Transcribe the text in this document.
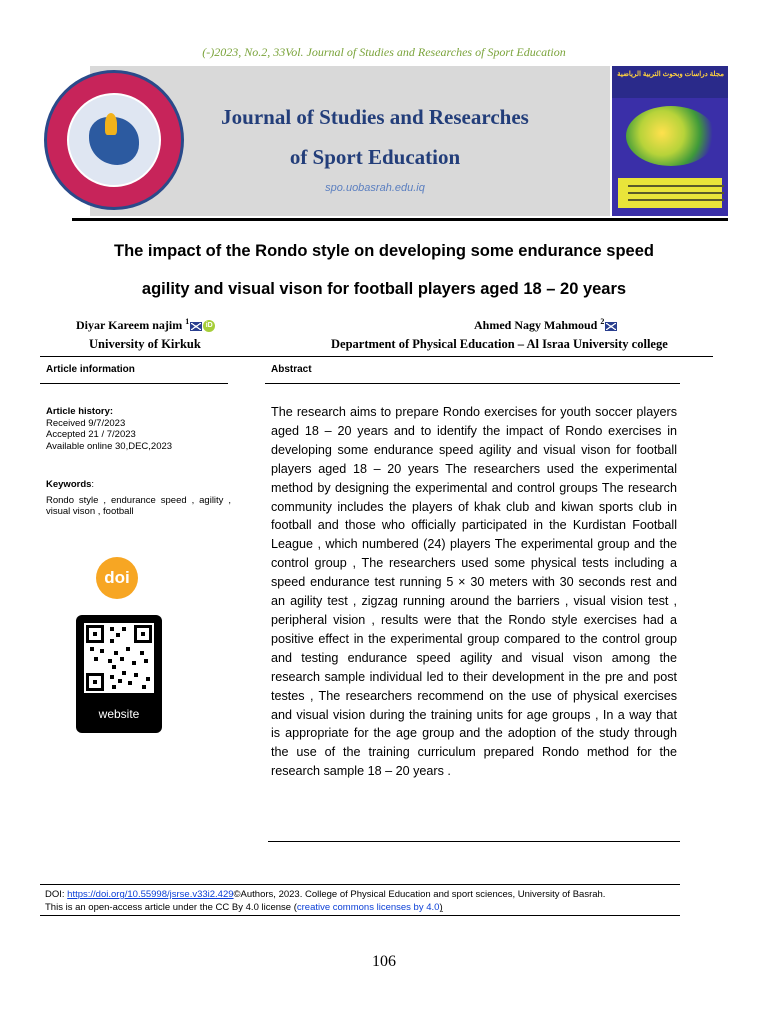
(-)2023, No.2, 33Vol. Journal of Studies and Researches of Sport Education
Journal of Studies and Researches
of Sport Education
spo.uobasrah.edu.iq
مجلة دراسات وبحوث التربية الرياضية
The impact of the Rondo style on developing some endurance speed
agility and visual vison for football players aged 18 – 20 years
Diyar Kareem najim $^1$ iD
University of Kirkuk
Ahmed Nagy Mahmoud $^2$
Department of Physical Education – Al Israa University college
Article information
Article history:
Received 9/7/2023
Accepted 21 / 7/2023
Available online 30,DEC,2023
Keywords:
Rondo style , endurance speed , agility , visual vison , football
doi
website
Abstract
The research aims to prepare Rondo exercises for youth soccer players aged 18 – 20 years and to identify the impact of Rondo exercises in developing some endurance speed agility and visual vison for football players aged 18 – 20 years The researchers used the experimental method by designing the experimental and control groups The research community includes the players of khak club and kiwan sports club in football and those who officially participated in the Kurdistan Football League , which numbered (24) players The experimental group and the control group , The researchers used some physical tests including a speed endurance test running 5 × 30 meters with 30 seconds rest and an agility test , zigzag running around the barriers , visual vision test , peripheral vision , results were that the Rondo style exercises had a positive effect in the experimental group compared to the control group and testing endurance speed agility and visual vison among the research sample individual led to their development in the pre and post testes , The researchers recommend on the use of physical exercises and visual vision during the training units for age groups , In a way that is appropriate for the age group and the adoption of the study through the use of the training curriculum prepared Rondo method for the research sample 18 – 20 years .
DOI: https://doi.org/10.55998/jsrse.v33i2.429©Authors, 2023. College of Physical Education and sport sciences, University of Basrah.
This is an open-access article under the CC By 4.0 license (creative commons licenses by 4.0)
106
